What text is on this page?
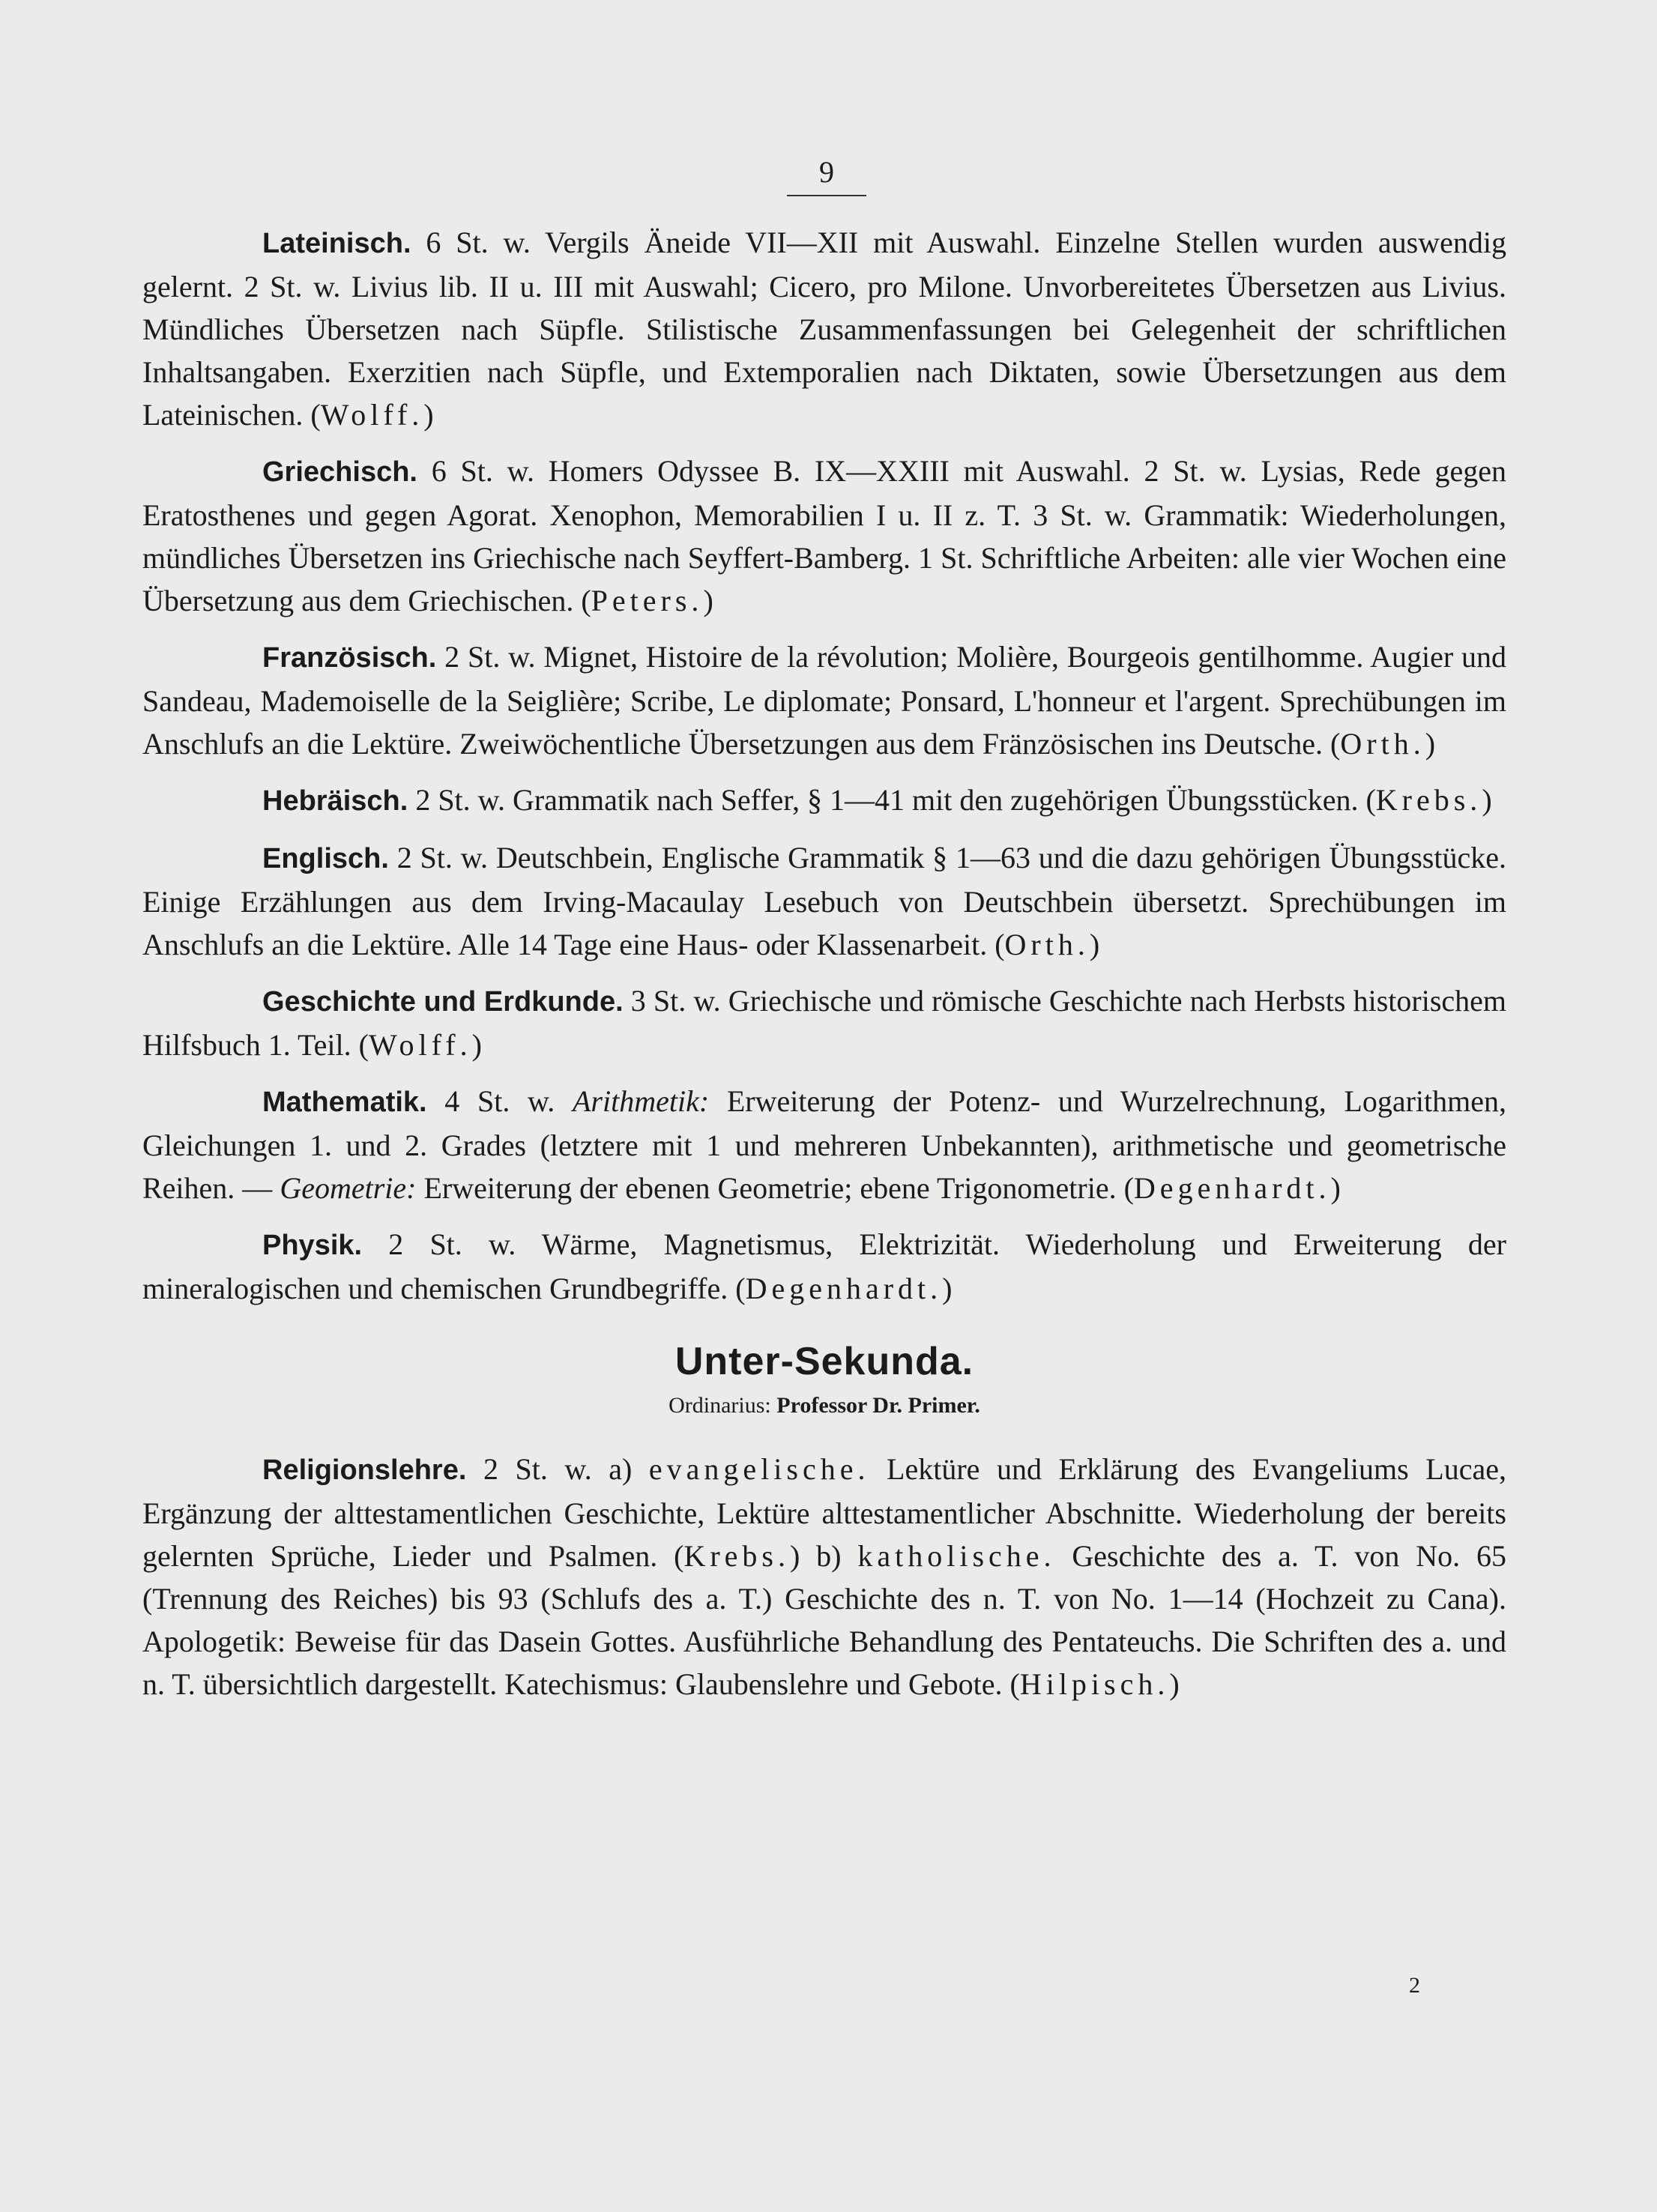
9

Lateinisch. 6 St. w. Vergils Äneide VII—XII mit Auswahl. Einzelne Stellen wurden auswendig gelernt. 2 St. w. Livius lib. II u. III mit Auswahl; Cicero, pro Milone. Unvorbereitetes Übersetzen aus Livius. Mündliches Übersetzen nach Süpfle. Stilistische Zusammenfassungen bei Gelegenheit der schriftlichen Inhaltsangaben. Exerzitien nach Süpfle, und Extemporalien nach Diktaten, sowie Übersetzungen aus dem Lateinischen. (Wolff.)

Griechisch. 6 St. w. Homers Odyssee B. IX—XXIII mit Auswahl. 2 St. w. Lysias, Rede gegen Eratosthenes und gegen Agorat. Xenophon, Memorabilien I u. II z. T. 3 St. w. Grammatik: Wiederholungen, mündliches Übersetzen ins Griechische nach Seyffert-Bamberg. 1 St. Schriftliche Arbeiten: alle vier Wochen eine Übersetzung aus dem Griechischen. (Peters.)

Französisch. 2 St. w. Mignet, Histoire de la révolution; Molière, Bourgeois gentilhomme. Augier und Sandeau, Mademoiselle de la Seiglière; Scribe, Le diplomate; Ponsard, L'honneur et l'argent. Sprechübungen im Anschlufs an die Lektüre. Zweiwöchentliche Übersetzungen aus dem Fränzösischen ins Deutsche. (Orth.)

Hebräisch. 2 St. w. Grammatik nach Seffer, § 1—41 mit den zugehörigen Übungsstücken. (Krebs.)

Englisch. 2 St. w. Deutschbein, Englische Grammatik § 1—63 und die dazu gehörigen Übungsstücke. Einige Erzählungen aus dem Irving-Macaulay Lesebuch von Deutschbein übersetzt. Sprechübungen im Anschlufs an die Lektüre. Alle 14 Tage eine Haus- oder Klassenarbeit. (Orth.)

Geschichte und Erdkunde. 3 St. w. Griechische und römische Geschichte nach Herbsts historischem Hilfsbuch 1. Teil. (Wolff.)

Mathematik. 4 St. w. Arithmetik: Erweiterung der Potenz- und Wurzelrechnung, Logarithmen, Gleichungen 1. und 2. Grades (letztere mit 1 und mehreren Unbekannten), arithmetische und geometrische Reihen. — Geometrie: Erweiterung der ebenen Geometrie; ebene Trigonometrie. (Degenhardt.)

Physik. 2 St. w. Wärme, Magnetismus, Elektrizität. Wiederholung und Erweiterung der mineralogischen und chemischen Grundbegriffe. (Degenhardt.)

Unter-Sekunda.
Ordinarius: Professor Dr. Primer.

Religionslehre. 2 St. w. a) evangelische. Lektüre und Erklärung des Evangeliums Lucae, Ergänzung der alttestamentlichen Geschichte, Lektüre alttestamentlicher Abschnitte. Wiederholung der bereits gelernten Sprüche, Lieder und Psalmen. (Krebs.) b) katholische. Geschichte des a. T. von No. 65 (Trennung des Reiches) bis 93 (Schlufs des a. T.) Geschichte des n. T. von No. 1—14 (Hochzeit zu Cana). Apologetik: Beweise für das Dasein Gottes. Ausführliche Behandlung des Pentateuchs. Die Schriften des a. und n. T. übersichtlich dargestellt. Katechismus: Glaubenslehre und Gebote. (Hilpisch.)

2
